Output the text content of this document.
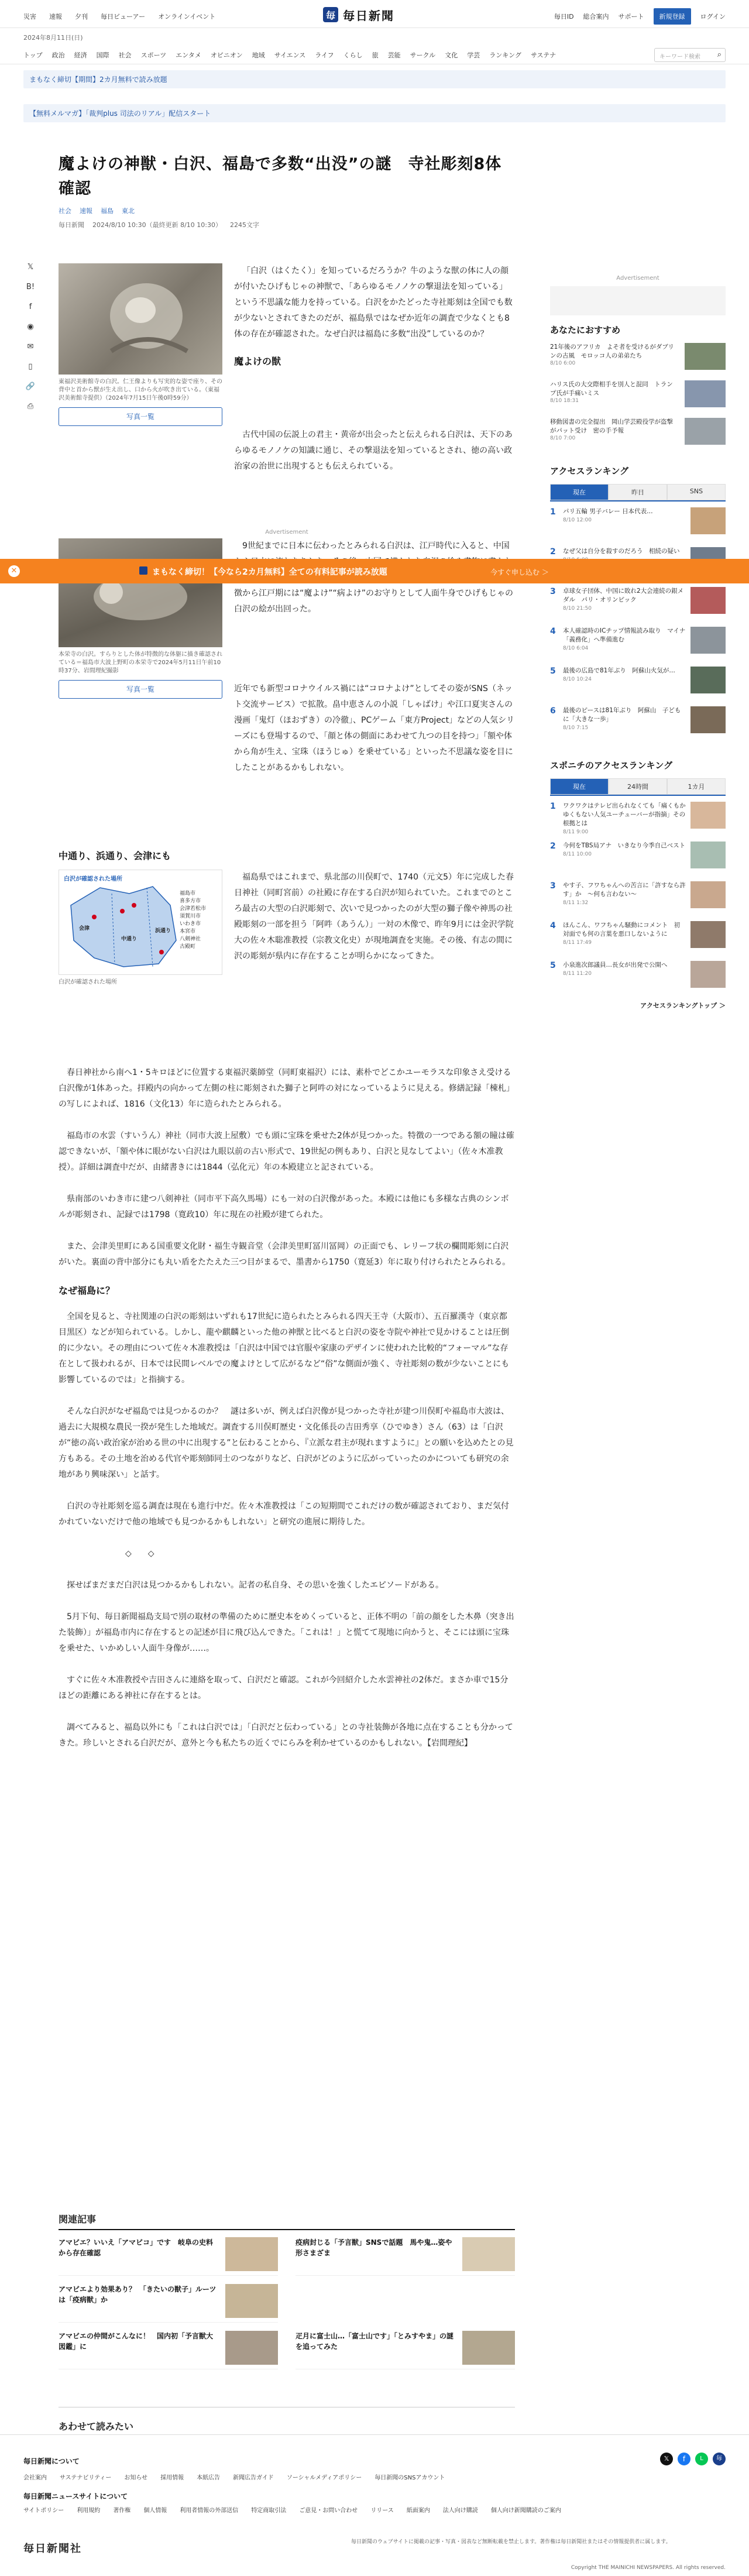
災害 速報 夕刊 毎日ビューアー オンラインイベント	毎 毎日新聞	毎日ID 総合案内 サポート	新規登録	ログイン
2024年8月11日(日)
トップ 政治 経済 国際 社会 スポーツ エンタメ オピニオン 地域 サイエンス ライフ くらし 旅 芸能 サークル 文化 学芸 ランキング サステナ	キーワード検索 ⌕
まもなく締切【期間】2カ月無料で読み放題
【無料メルマガ】「裁判plus 司法のリアル」配信スタート
𝕏
B!
f
◉
✉
▯
🔗
⎙
魔よけの神獣・白沢、福島で多数“出没”の謎　寺社彫刻8体確認
社会 速報 福島 東北
毎日新聞 2024/8/10 10:30（最終更新 8/10 10:30） 2245文字
東福沢美術館寺の白沢。仁王像よりも写実的な姿で座り、その背中と首から獣が生え出し、口から火が吹き出ている。（東福沢美術館寺提供）（2024年7月15日午後0時59分）
写真一覧

「白沢（はくたく）」を知っているだろうか？牛のような獣の体に人の顔が付いたひげもじゃの神獣で、「あらゆるモノノケの撃退法を知っている」という不思議な能力を持っている。白沢をかたどった寺社彫刻は全国でも数が少ないとされてきたのだが、福島県ではなぜか近年の調査で少なくとも8体の存在が確認された。なぜ白沢は福島に多数“出没”しているのか？

魔よけの獣

古代中国の伝説上の君主・黄帝が出会ったと伝えられる白沢は、天下のあらゆるモノノケの知識に通じ、その撃退法を知っているとされ、徳の高い政治家の治世に出現するとも伝えられている。

Advertisement
本栄寺の白沢。すらりとした体が特徴的な体躯に描き確認されている＝福島市大波上野町の本栄寺で2024年5月11日午前10時37分、岩間理紀撮影
写真一覧

9世紀までに日本に伝わったとみられる白沢は、江戸時代に入ると、中国 徴から江戸期には“魔よけ”“病よけ”のお守りとして人面牛身でひげもじゃの白沢の絵が出回った。

近年でも新型コロナウイルス禍には“コロナよけ”としてその姿がSNS（ネット交流サービス）で拡散。畠中恵さんの小説「しゃばけ」や江口夏実さんの漫画「鬼灯（ほおずき）の冷徹」、PCゲーム「東方Project」などの人気シリーズにも登場するので、「顔と体の側面にあわせて九つの目を持つ」「額や体から角が生え、宝珠（ほうじゅ）を乗せている」といった不思議な姿を目にしたことがあるかもしれない。

中通り、浜通り、会津にも
白沢が確認された場所
会津
中通り
浜通り
福島市
喜多方市
会津若松市
須賀川市
いわき市
本宮市
八剣神社
古殿町
白沢が確認された場所

福島県ではこれまで、県北部の川俣町で、1740（元文5）年に完成した春日神社（同町宮前）の社殿に存在する白沢が知られていた。これまでのところ最古の大型の白沢彫刻で、次いで見つかったのが大型の獅子像や神馬の社殿彫刻の一部を担う「阿吽（あうん）」一対の木像で、昨年9月には金沢学院大の佐々木聡准教授（宗教文化史）が現地調査を実施。その後、有志の間に沢の彫刻が県内に存在することが明らかになってきた。

春日神社から南へ1・5キロほどに位置する東福沢薬師堂（同町東福沢）には、素朴でどこかユーモラスな印象さえ受ける白沢像が1体あった。拝殿内の向かって左側の柱に彫刻された獅子と阿吽の対になっているように見える。修繕記録「棟札」の写しによれば、1816（文化13）年に造られたとみられる。

福島市の水雲（すいうん）神社（同市大波上屋敷）でも頭に宝珠を乗せた2体が見つかった。特徴の一つである額の瞳は確認できないが、「額や体に眼がない白沢は九眼以前の古い形式で、19世紀の例もあり、白沢と見なしてよい」（佐々木准教授）。詳細は調査中だが、由緒書きには1844（弘化元）年の本殿建立と記されている。

県南部のいわき市に建つ八剣神社（同市平下高久馬場）にも一対の白沢像があった。本殿には他にも多様な古典のシンボルが彫刻され、記録では1798（寛政10）年に現在の社殿が建てられた。

また、会津美里町にある国重要文化財・福生寺観音堂（会津美里町冨川冨岡）の正面でも、レリーフ状の欄間彫刻に白沢がいた。裏面の背中部分にも丸い盾をたたえた三つ目がまるで、墨書から1750（寛延3）年に取り付けられたとみられる。

なぜ福島に？

全国を見ると、寺社関連の白沢の彫刻はいずれも17世紀に造られたとみられる四天王寺（大阪市）、五百羅漢寺（東京都目黒区）などが知られている。しかし、龍や麒麟といった他の神獣と比べると白沢の姿を寺院や神社で見かけることは圧倒的に少ない。その理由について佐々木准教授は「白沢は中国では官服や家康のデザインに使われた比較的“フォーマル”な存在として扱われるが、日本では民間レベルでの魔よけとして広がるなど“俗”な側面が強く、寺社彫刻の数が少ないことにも影響しているのでは」と指摘する。

そんな白沢がなぜ福島では見つかるのか？　謎は多いが、例えば白沢像が見つかった寺社が建つ川俣町や福島市大波は、過去に大規模な農民一揆が発生した地域だ。調査する川俣町歴史・文化係長の吉田秀享（ひでゆき）さん（63）は「白沢が“徳の高い政治家が治める世の中に出現する”と伝わることから、『立派な君主が現れますように』との願いを込めたとの見方もある。その土地を治める代官や彫刻師同士のつながりなど、白沢がどのように広がっていったのかについても研究の余地があり興味深い」と話す。

白沢の寺社彫刻を巡る調査は現在も進行中だ。佐々木准教授は「この短期間でこれだけの数が確認されており、まだ気付かれていないだけで他の地域でも見つかるかもしれない」と研究の進展に期待した。

◇　　◇

探せばまだまだ白沢は見つかるかもしれない。記者の私自身、その思いを強くしたエピソードがある。

5月下旬、毎日新聞福島支局で別の取材の準備のために歴史本をめくっていると、正体不明の「前の顔をした木鼻（突き出た装飾）」が福島市内に存在するとの記述が目に飛び込んできた。「これは！」と慌てて現地に向かうと、そこには頭に宝珠を乗せた、いかめしい人面牛身像が……。

すぐに佐々木准教授や吉田さんに連絡を取って、白沢だと確認。これが今回紹介した水雲神社の2体だ。まさか車で15分ほどの距離にある神社に存在するとは。

調べてみると、福島以外にも「これは白沢では」「白沢だと伝わっている」との寺社装飾が各地に点在することも分かってきた。珍しいとされる白沢だが、意外と今も私たちの近くでにらみを利かせているのかもしれない。【岩間理紀】

関連記事
アマビエ？いいえ「アマビコ」です　岐阜の史料から存在確認
疫病封じる「予言獣」SNSで話題　馬や鬼…姿や形さまざま
アマビエより効果あり？　「きたいの獣子」ルーツは「疫病獣」か
アマビエの仲間がこんなに！　国内初「予言獣大図鑑」に
疋月に富士山…「富士山です」「とみすやま」の謎を追ってみた
あわせて読みたい
Advertisement
あなたにおすすめ
21年後のアフリカ　よそ者を受けるがダブリンの古風　モロッコ人の弟弟たち
8/10 6:00
ハリス氏の大交際相手を別人と混同　トランプ氏が手痛いミス
8/10 18:31
移動図書の完全提出　岡山学芸殿役学が盗撃がパット受け　密の手予報
8/10 7:00
アクセスランキング
現在	昨日	SNS
1	パリ五輪 男子バレー 日本代表…
8/10 12:00
2	なぜ父は自分を殺すのだろう　相続の疑い
3	卓球女子団体、中国に敗れ2大会連続の銀メダル　パリ・オリンピック
8/10 21:50
4	本人確認時のICチップ情報読み取り　マイナ「義務化」へ準備進む
8/10 6:04
5	最後の広島で81年ぶり　阿蘇山火気が…
8/10 10:24
6	最後のピースは81年ぶり　阿蘇山　子どもに「大きな一歩」
8/10 7:15
スポニチのアクセスランキング
現在	24時間	1カ月
1	ワクワクはテレビ出られなくても「痛くもかゆくもない人気ユーチューバーが指摘」その根拠とは
8/11 9:00
2	今何をTBS局アナ　いきなり今季自己ベスト
8/11 10:00
3	やす子、フワちゃんへの苦言に「許すなら許す」か　〜何も言わない〜
8/11 1:32
4	ほんこん、ワフちゃん騒動にコメント　初対面でも何の言葉を悪口しないように
8/11 17:49
5	小泉進次郎議員…長女が出発で公開へ
8/11 11:20
アクセスランキングトップ ＞
✕	まもなく締切！【今なら2カ月無料】全ての有料記事が読み放題	今すぐ申し込む ＞
毎日新聞について	𝕏	f	L	毎
会社案内 サステナビリティー お知らせ 採用情報 本紙広告 新聞広告ガイド ソーシャルメディアポリシー 毎日新聞のSNSアカウント
毎日新聞ニュースサイトについて
サイトポリシー 利用規約 著作権 個人情報 利用者情報の外部送信 特定商取引法 ご意見・お問い合わせ リリース 紙面案内 法人向け購読 個人向け新聞購読のご案内
毎日新聞社
毎日新聞のウェブサイトに掲載の記事・写真・図表など無断転載を禁止します。著作権は毎日新聞社またはその情報提供者に属します。
Copyright THE MAINICHI NEWSPAPERS. All rights reserved.
